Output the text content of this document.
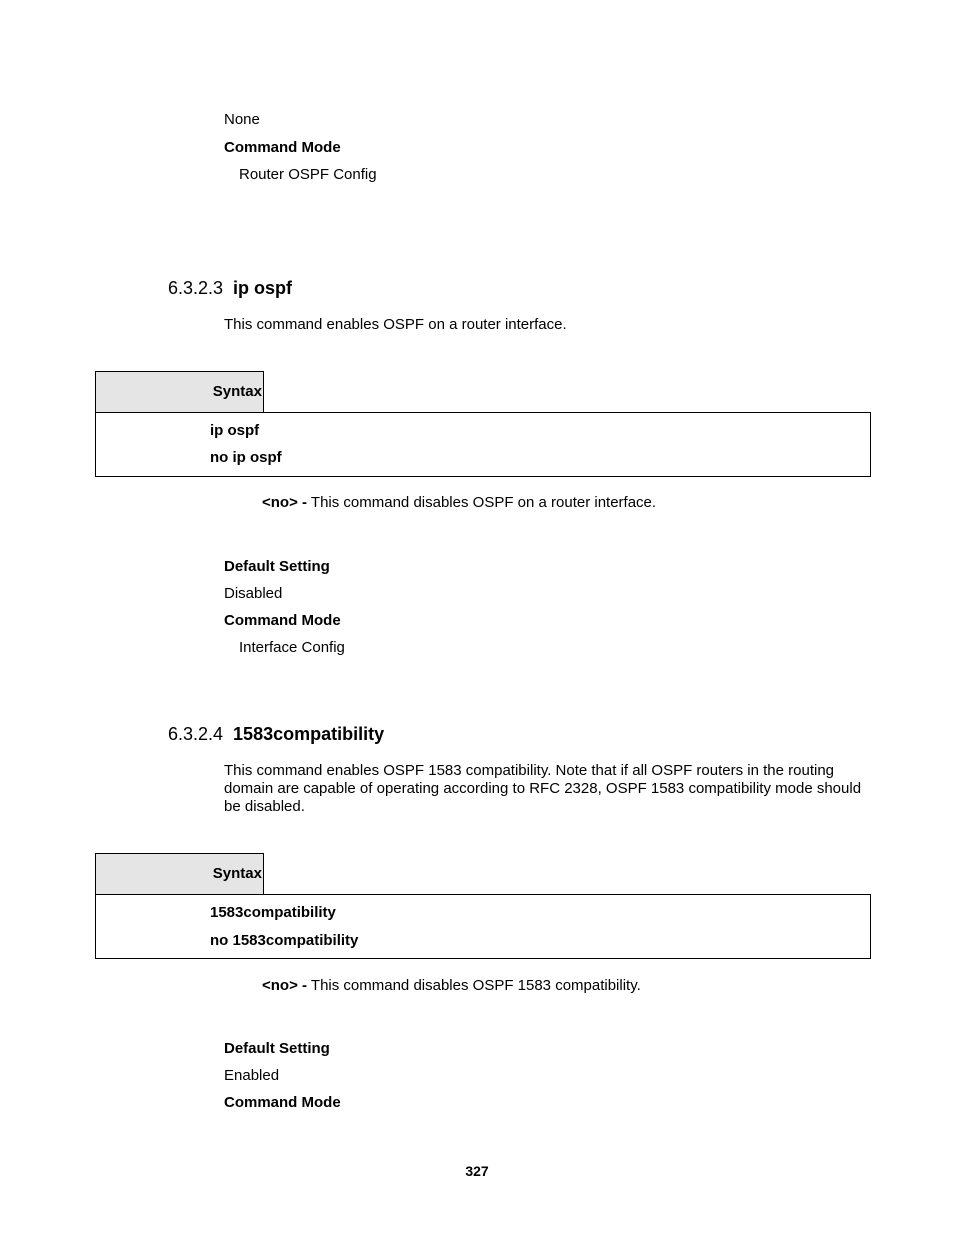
None
Command Mode
Router OSPF Config
6.3.2.3 ip ospf
This command enables OSPF on a router interface.
Syntax
ip ospf
no ip ospf
<no> - This command disables OSPF on a router interface.
Default Setting
Disabled
Command Mode
Interface Config
6.3.2.4 1583compatibility
This command enables OSPF 1583 compatibility. Note that if all OSPF routers in the routing domain are capable of operating according to RFC 2328, OSPF 1583 compatibility mode should be disabled.
Syntax
1583compatibility
no 1583compatibility
<no> - This command disables OSPF 1583 compatibility.
Default Setting
Enabled
Command Mode
327
